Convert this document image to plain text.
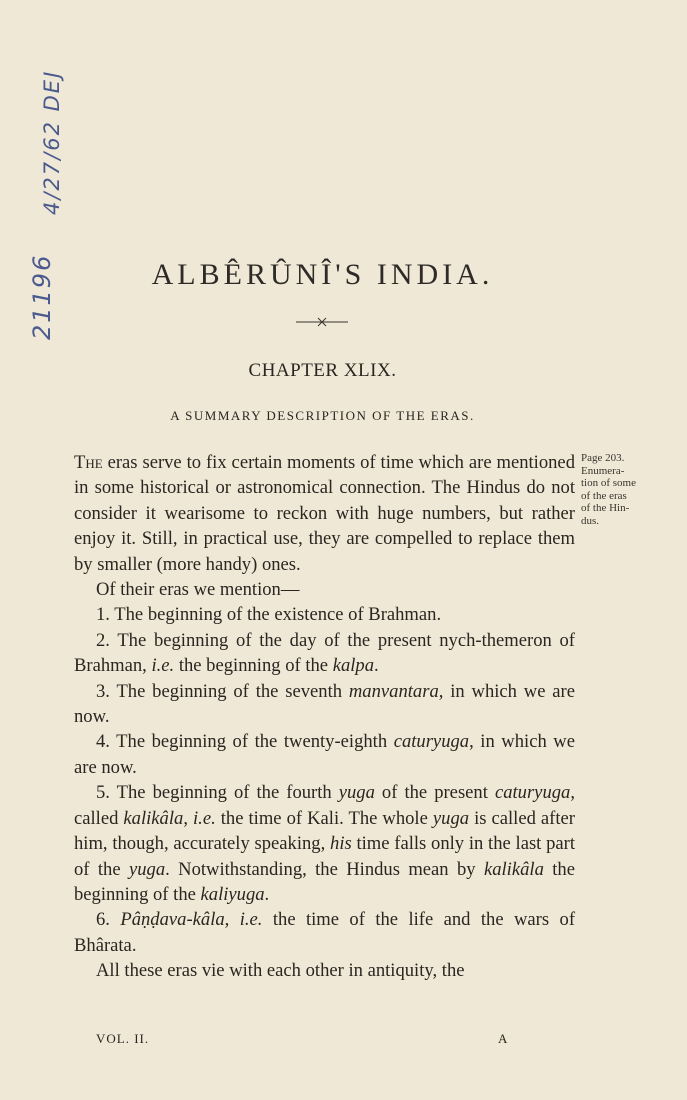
21196
4/27/62 DEJ
ALBÊRÛNÎ'S INDIA.
CHAPTER XLIX.
A SUMMARY DESCRIPTION OF THE ERAS.
Page 203.
Enumera-
tion of some
of the eras
of the Hin-
dus.

The eras serve to fix certain moments of time which are mentioned in some historical or astronomical connection. The Hindus do not consider it wearisome to reckon with huge numbers, but rather enjoy it. Still, in practical use, they are compelled to replace them by smaller (more handy) ones.

Of their eras we mention—

1. The beginning of the existence of Brahman.

2. The beginning of the day of the present nych-themeron of Brahman, i.e. the beginning of the kalpa.

3. The beginning of the seventh manvantara, in which we are now.

4. The beginning of the twenty-eighth caturyuga, in which we are now.

5. The beginning of the fourth yuga of the present caturyuga, called kalikâla, i.e. the time of Kali. The whole yuga is called after him, though, accurately speaking, his time falls only in the last part of the yuga. Notwithstanding, the Hindus mean by kalikâla the beginning of the kaliyuga.

6. Pâṇḍava-kâla, i.e. the time of the life and the wars of Bhârata.

All these eras vie with each other in antiquity, the

VOL. II.	A
